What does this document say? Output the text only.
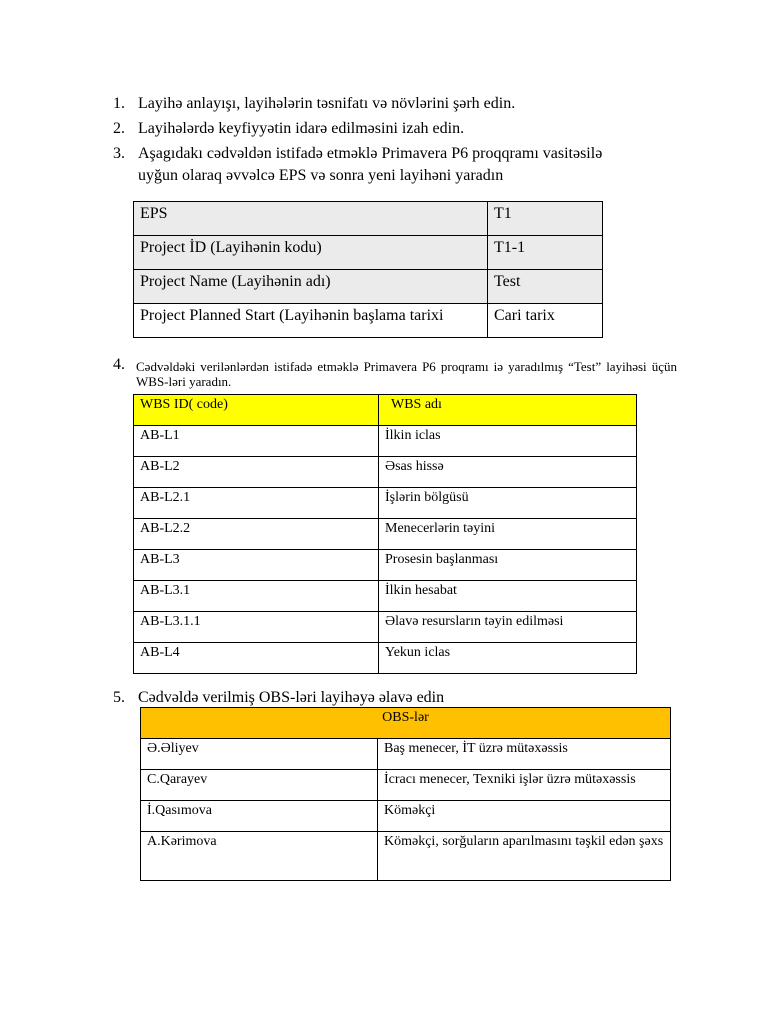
1. Layihə anlayışı, layihələrin təsnifatı və növlərini şərh edin.
2. Layihələrdə keyfiyyətin idarə edilməsini izah edin.
3. Aşagıdakı cədvəldən istifadə etməklə Primavera P6 proqqramı vasitəsilə
uyğun olaraq əvvəlcə EPS və sonra yeni layihəni yaradın
EPS	T1
Project İD (Layihənin kodu)	T1-1
Project Name (Layihənin adı)	Test
Project Planned Start (Layihənin başlama tarixi	Cari tarix
4. Cədvəldəki verilənlərdən istifadə etməklə Primavera P6 proqramı iə yaradılmış “Test” layihəsi üçün WBS-ləri yaradın.
WBS ID( code)	WBS adı
AB-L1	İlkin iclas
AB-L2	Əsas hissə
AB-L2.1	İşlərin bölgüsü
AB-L2.2	Menecerlərin təyini
AB-L3	Prosesin başlanması
AB-L3.1	İlkin hesabat
AB-L3.1.1	Əlavə resursların təyin edilməsi
AB-L4	Yekun iclas
5. Cədvəldə verilmiş OBS-ləri layihəyə əlavə edin
OBS-lər	
Ə.Əliyev	Baş menecer, İT üzrə mütəxəssis
C.Qarayev	İcracı menecer, Texniki işlər üzrə mütəxəssis
İ.Qasımova	Köməkçi
A.Kərimova	Köməkçi, sorğuların aparılmasını təşkil edən şəxs
